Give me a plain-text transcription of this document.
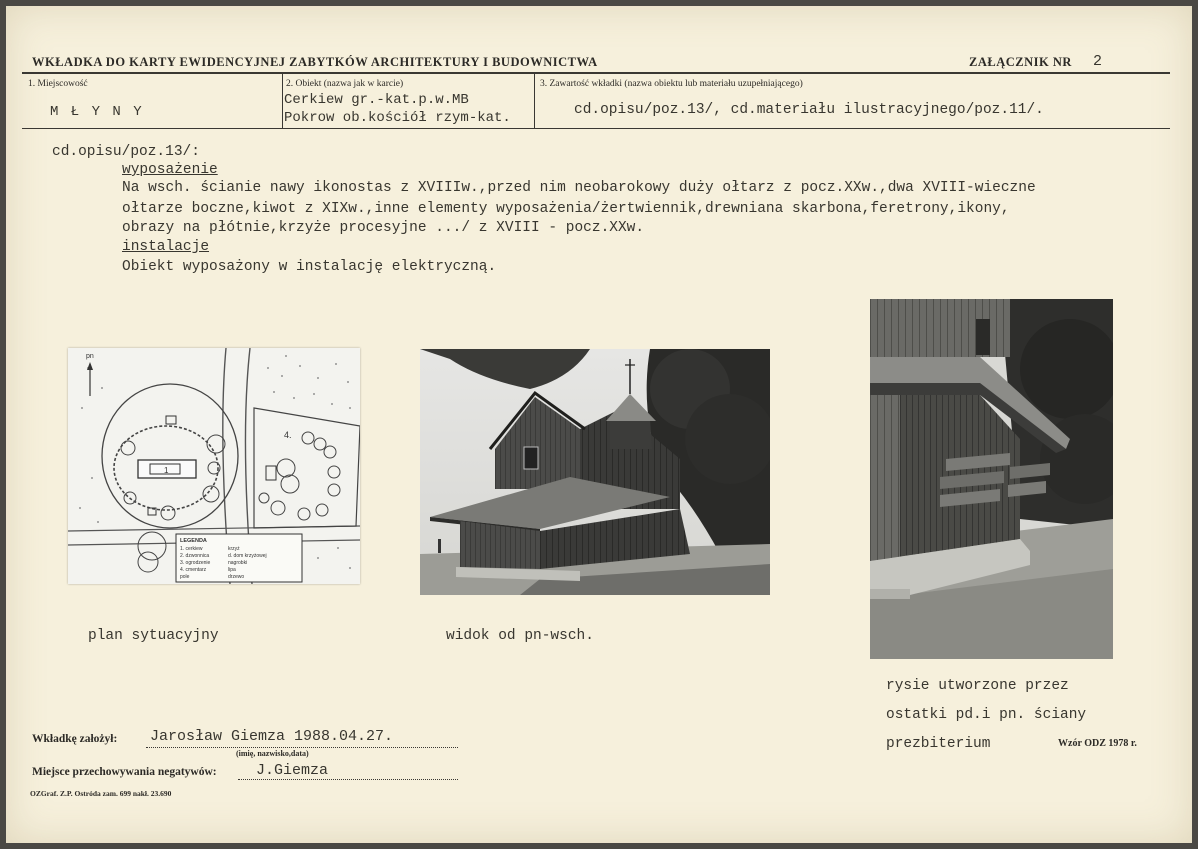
WKŁADKA DO KARTY EWIDENCYJNEJ ZABYTKÓW ARCHITEKTURY I BUDOWNICTWA	ZAŁĄCZNIK NR 2
1. Miejscowość
M Ł Y N Y
2. Obiekt (nazwa jak w karcie)
Cerkiew gr.-kat.p.w.MB
Pokrow ob.kościół rzym-kat.
3. Zawartość wkładki (nazwa obiektu lub materiału uzupełniającego)
cd.opisu/poz.13/, cd.materiału ilustracyjnego/poz.11/.
cd.opisu/poz.13/:
wyposażenie
Na wsch. ścianie nawy ikonostas z XVIIIw.,przed nim neobarokowy duży ołtarz z pocz.XXw.,dwa XVIII-wieczne
ołtarze boczne,kiwot z XIXw.,inne elementy wyposażenia/żertwiennik,drewniana skarbona,feretrony,ikony,
obrazy na płótnie,krzyże procesyjne .../ z XVIII - pocz.XXw.
instalacje
Obiekt wyposażony w instalację elektryczną.
1
4.
pn
LEGENDA
1. cerkiew
2. dzwonnica
3. ogrodzenie
4. cmentarz
krzyż
d. dom krzyżowej
nagrobki
lipa
drzewo
pole
plan sytuacyjny	widok od pn-wsch.
rysie utworzone przez
ostatki pd.i pn. ściany
prezbiterium
Wkładkę założył: Jarosław Giemza 1988.04.27.
(imię, nazwisko,data)
Miejsce przechowywania negatywów:	J.Giemza
OZGraf. Z.P. Ostróda zam. 699 nakł. 23.690
Wzór ODZ 1978 r.
